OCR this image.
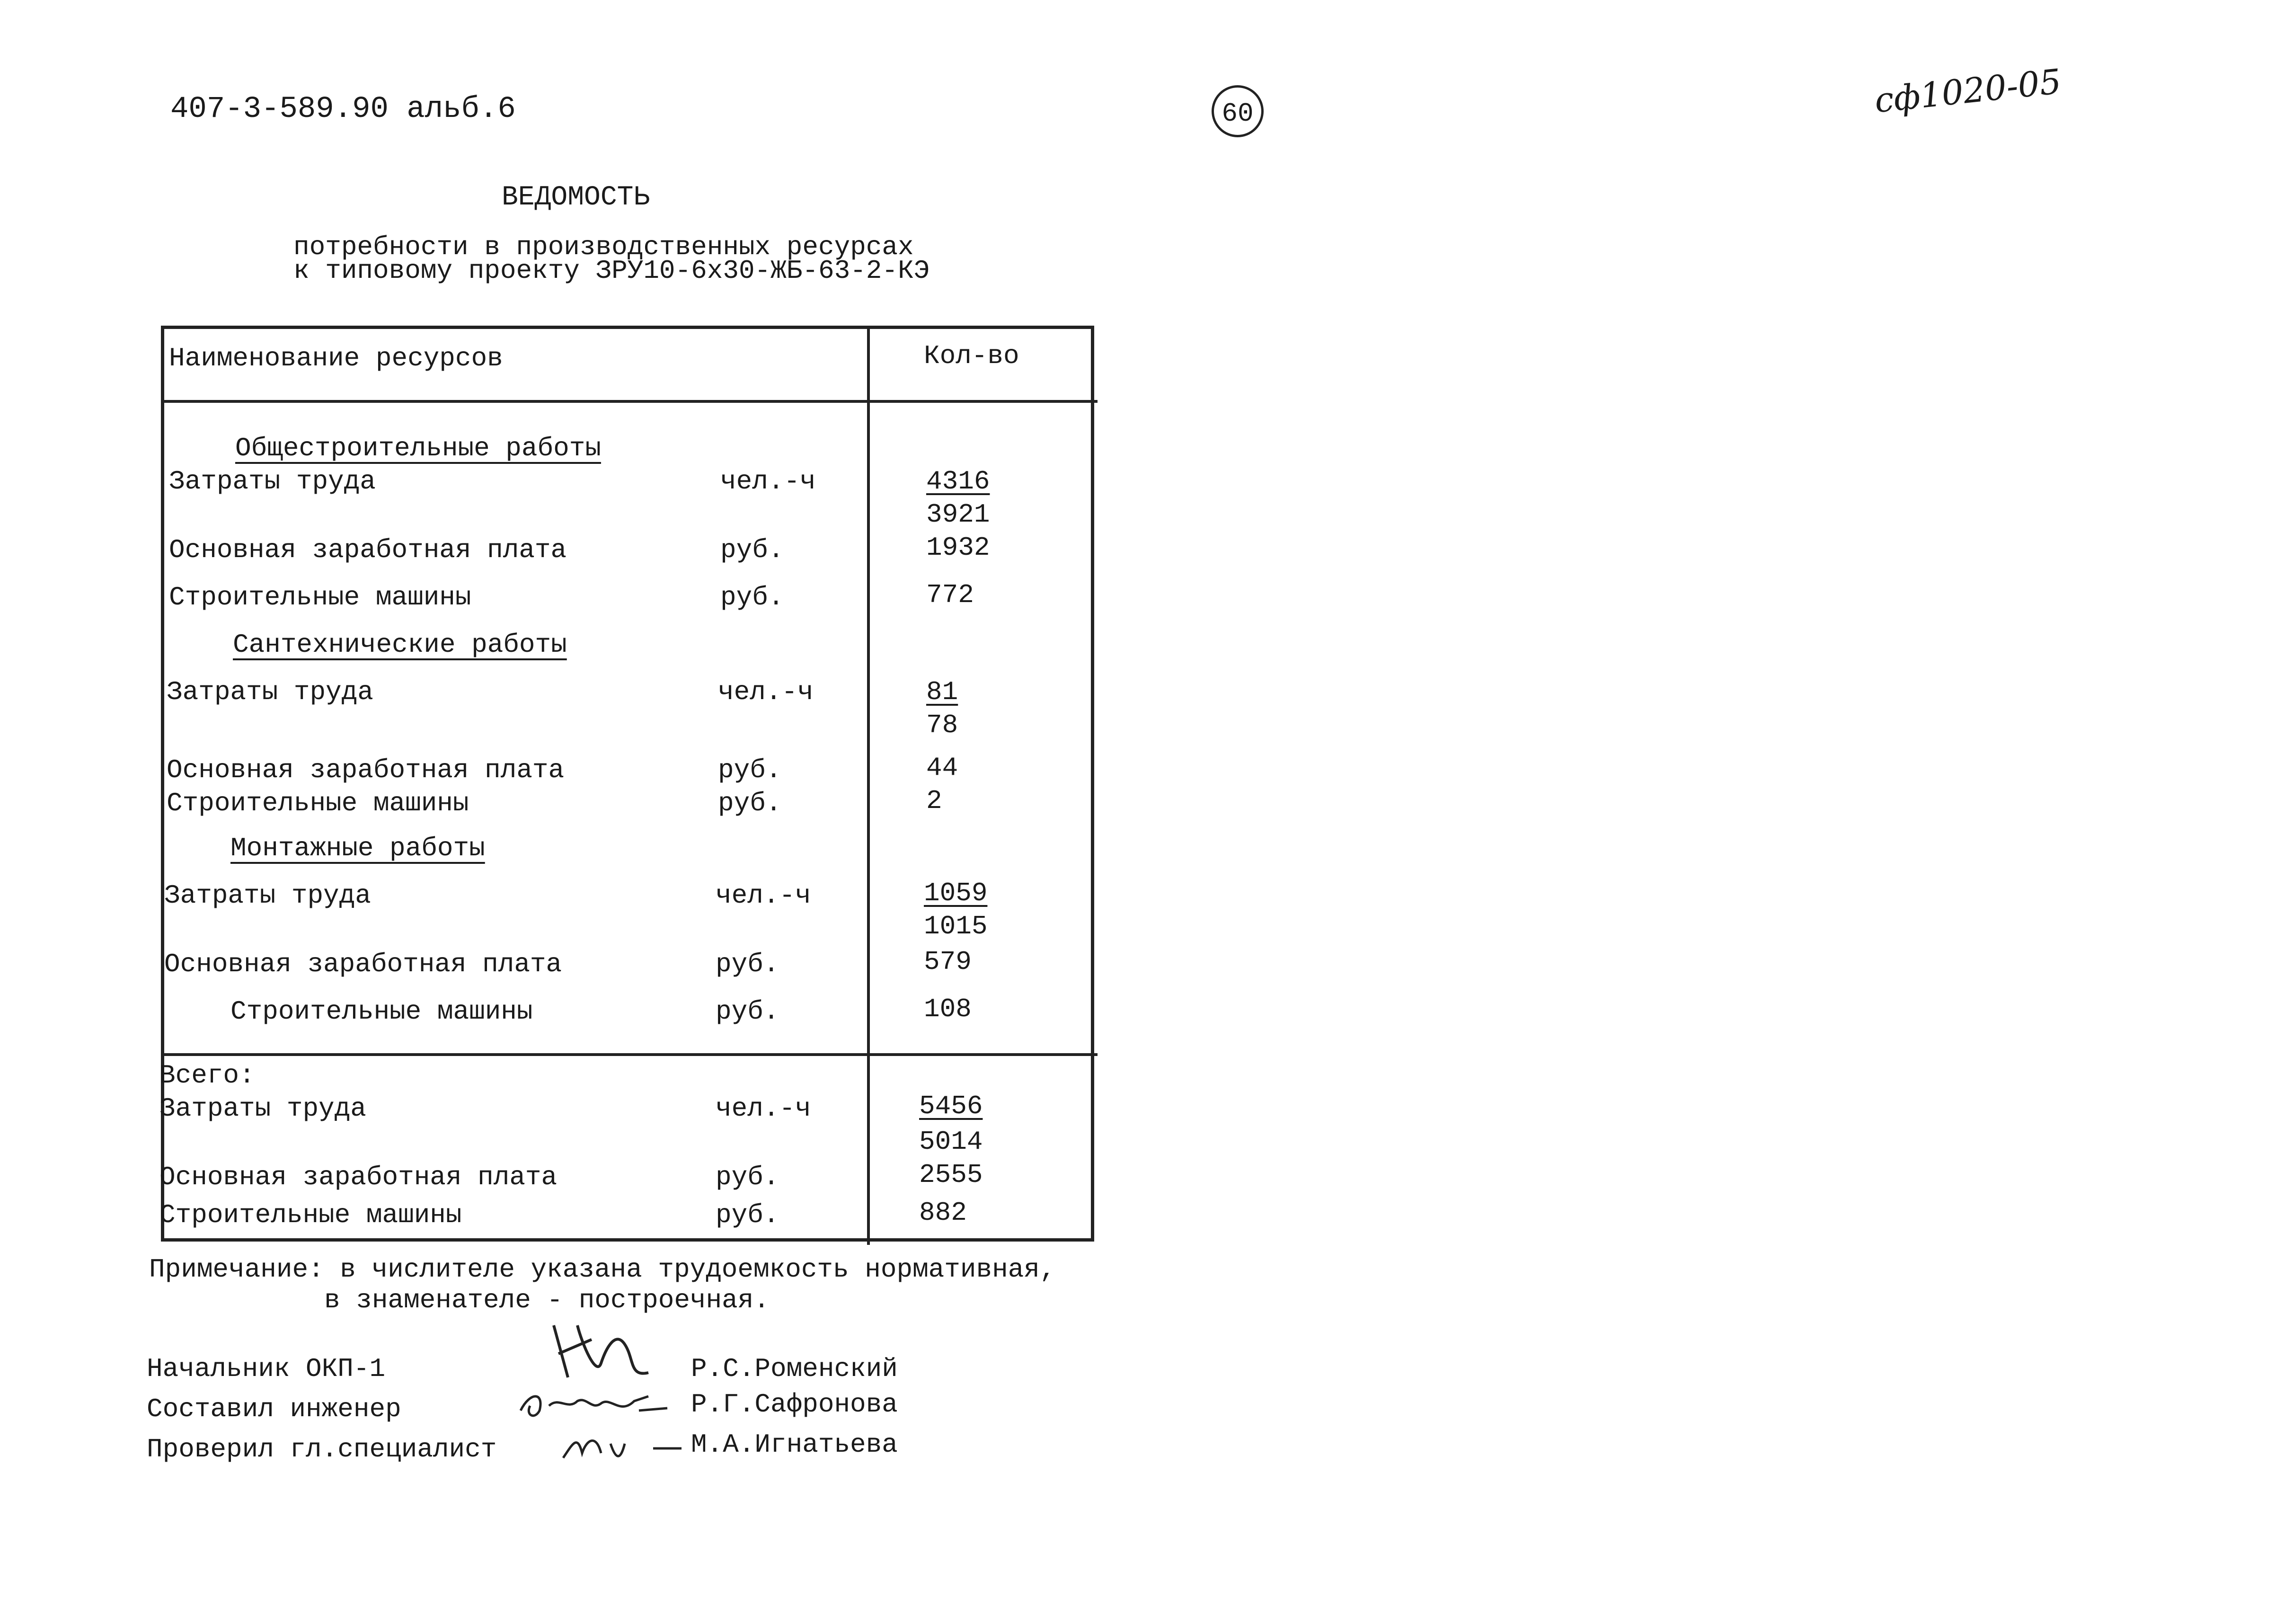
407-3-589.90 альб.6	60	сф1020-05
ВЕДОМОСТЬ
потребности в производственных ресурсах
к типовому проекту ЗРУ10-6х30-ЖБ-63-2-КЭ
Наименование ресурсов	Кол-во
Общестроительные работы
Затраты труда	чел.-ч	4316
3921
Основная заработная плата	руб.	1932
Строительные машины	руб.	772
Сантехнические работы
Затраты труда	чел.-ч	81
78
Основная заработная плата	руб.	44
Строительные машины	руб.	2
Монтажные работы
Затраты труда	чел.-ч	1059
1015
Основная заработная плата	руб.	579
Строительные машины	руб.	108
Всего:
Затраты труда	чел.-ч	5456
5014
Основная заработная плата	руб.	2555
Строительные машины	руб.	882
Примечание: в числителе указана трудоемкость нормативная,
в знаменателе - построечная.
Начальник ОКП-1	Р.С.Роменский
Составил инженер	Р.Г.Сафронова
Проверил гл.специалист	М.А.Игнатьева
